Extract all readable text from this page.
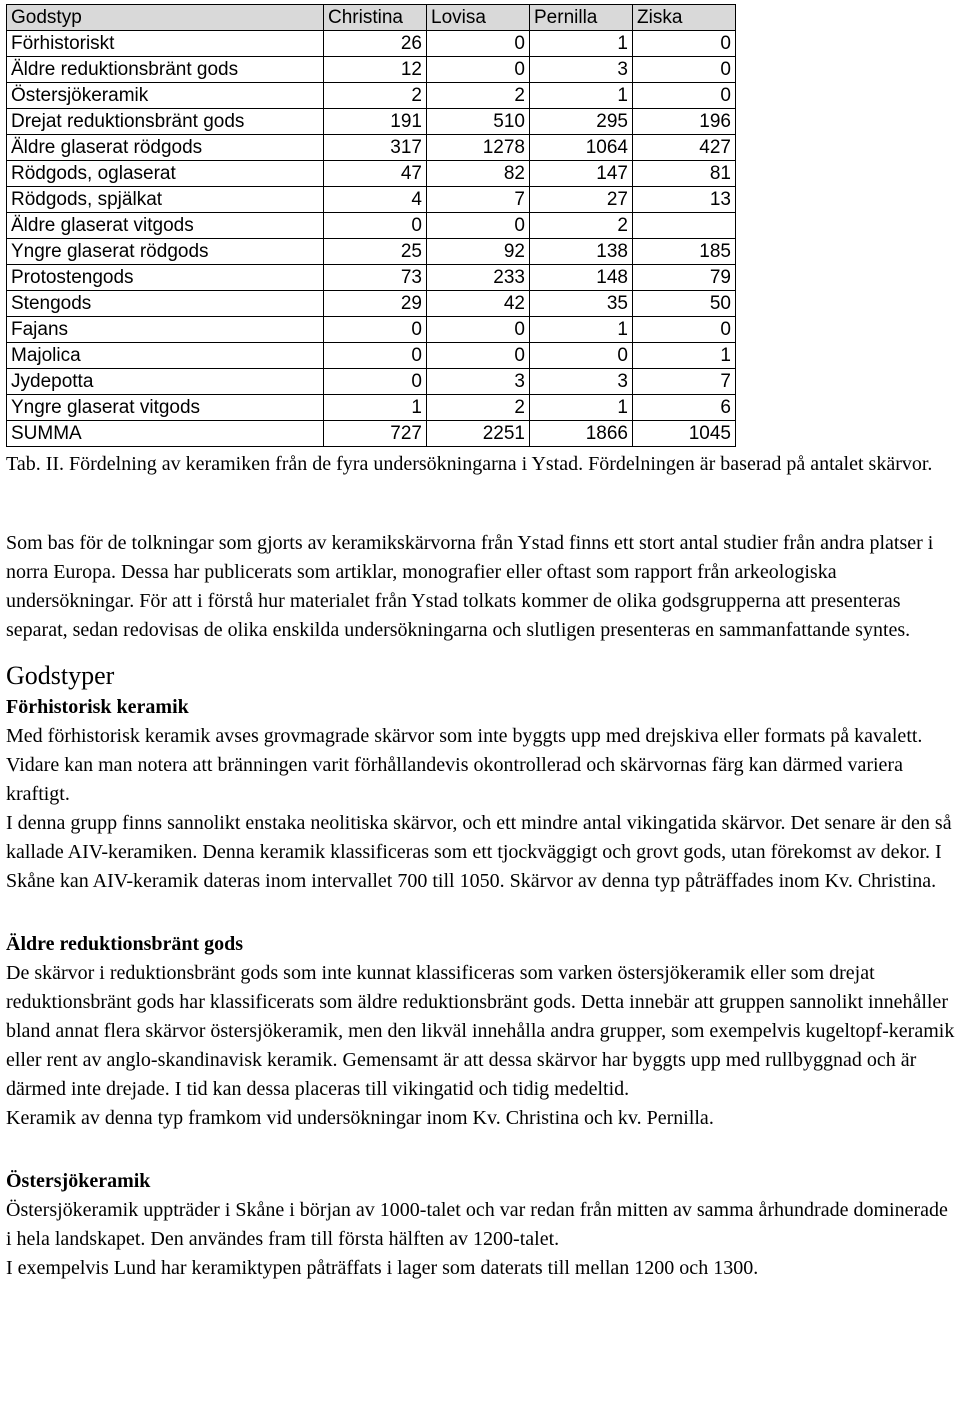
Godstyp	Christina	Lovisa	Pernilla	Ziska
Förhistoriskt	26	0	1	0
Äldre reduktionsbränt gods	12	0	3	0
Östersjökeramik	2	2	1	0
Drejat reduktionsbränt gods	191	510	295	196
Äldre glaserat rödgods	317	1278	1064	427
Rödgods, oglaserat	47	82	147	81
Rödgods, spjälkat	4	7	27	13
Äldre glaserat vitgods	0	0	2	
Yngre glaserat rödgods	25	92	138	185
Protostengods	73	233	148	79
Stengods	29	42	35	50
Fajans	0	0	1	0
Majolica	0	0	0	1
Jydepotta	0	3	3	7
Yngre glaserat vitgods	1	2	1	6
SUMMA	727	2251	1866	1045
Tab. II. Fördelning av keramiken från de fyra undersökningarna i Ystad. Fördelningen är baserad på antalet skärvor.

Som bas för de tolkningar som gjorts av keramikskärvorna från Ystad finns ett stort antal studier från andra platser i norra Europa. Dessa har publicerats som artiklar, monografier eller oftast som rapport från arkeologiska undersökningar. För att i förstå hur materialet från Ystad tolkats kommer de olika godsgrupperna att presenteras separat, sedan redovisas de olika enskilda undersökningarna och slutligen presenteras en sammanfattande syntes.

Godstyper
Förhistorisk keramik

Med förhistorisk keramik avses grovmagrade skärvor som inte byggts upp med drejskiva eller formats på kavalett. Vidare kan man notera att bränningen varit förhållandevis okontrollerad och skärvornas färg kan därmed variera kraftigt.

I denna grupp finns sannolikt enstaka neolitiska skärvor, och ett mindre antal vikingatida skärvor. Det senare är den så kallade AIV-keramiken. Denna keramik klassificeras som ett tjockväggigt och grovt gods, utan förekomst av dekor. I Skåne kan AIV-keramik dateras inom intervallet 700 till 1050. Skärvor av denna typ påträffades inom Kv. Christina.

Äldre reduktionsbränt gods

De skärvor i reduktionsbränt gods som inte kunnat klassificeras som varken östersjökeramik eller som drejat reduktionsbränt gods har klassificerats som äldre reduktionsbränt gods. Detta innebär att gruppen sannolikt innehåller bland annat flera skärvor östersjökeramik, men den likväl innehålla andra grupper, som exempelvis kugeltopf-keramik eller rent av anglo-skandinavisk keramik. Gemensamt är att dessa skärvor har byggts upp med rullbyggnad och är därmed inte drejade. I tid kan dessa placeras till vikingatid och tidig medeltid.

Keramik av denna typ framkom vid undersökningar inom Kv. Christina och kv. Pernilla.

Östersjökeramik

Östersjökeramik uppträder i Skåne i början av 1000-talet och var redan från mitten av samma århundrade dominerade i hela landskapet. Den användes fram till första hälften av 1200-talet.

I exempelvis Lund har keramiktypen påträffats i lager som daterats till mellan 1200 och 1300.
